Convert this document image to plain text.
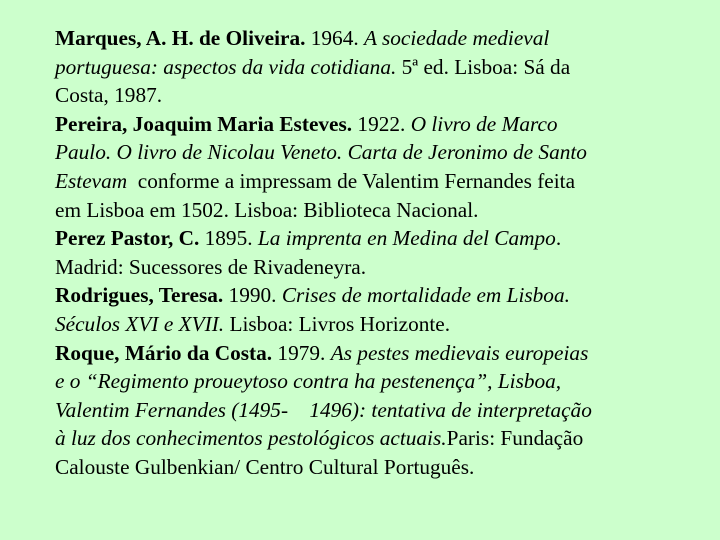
Marques, A. H. de Oliveira. 1964. A sociedade medieval
portuguesa: aspectos da vida cotidiana. 5ª ed. Lisboa: Sá da
Costa, 1987.
Pereira, Joaquim Maria Esteves. 1922. O livro de Marco
Paulo. O livro de Nicolau Veneto. Carta de Jeronimo de Santo
Estevam  conforme a impressam de Valentim Fernandes feita
em Lisboa em 1502. Lisboa: Biblioteca Nacional.
Perez Pastor, C. 1895. La imprenta en Medina del Campo.
Madrid: Sucessores de Rivadeneyra.
Rodrigues, Teresa. 1990. Crises de mortalidade em Lisboa.
Séculos XVI e XVII. Lisboa: Livros Horizonte.
Roque, Mário da Costa. 1979. As pestes medievais europeias
e o “Regimento proueytoso contra ha pestenença”, Lisboa,
Valentim Fernandes (1495-    1496): tentativa de interpretação
à luz dos conhecimentos pestológicos actuais.Paris: Fundação
Calouste Gulbenkian/ Centro Cultural Português.
